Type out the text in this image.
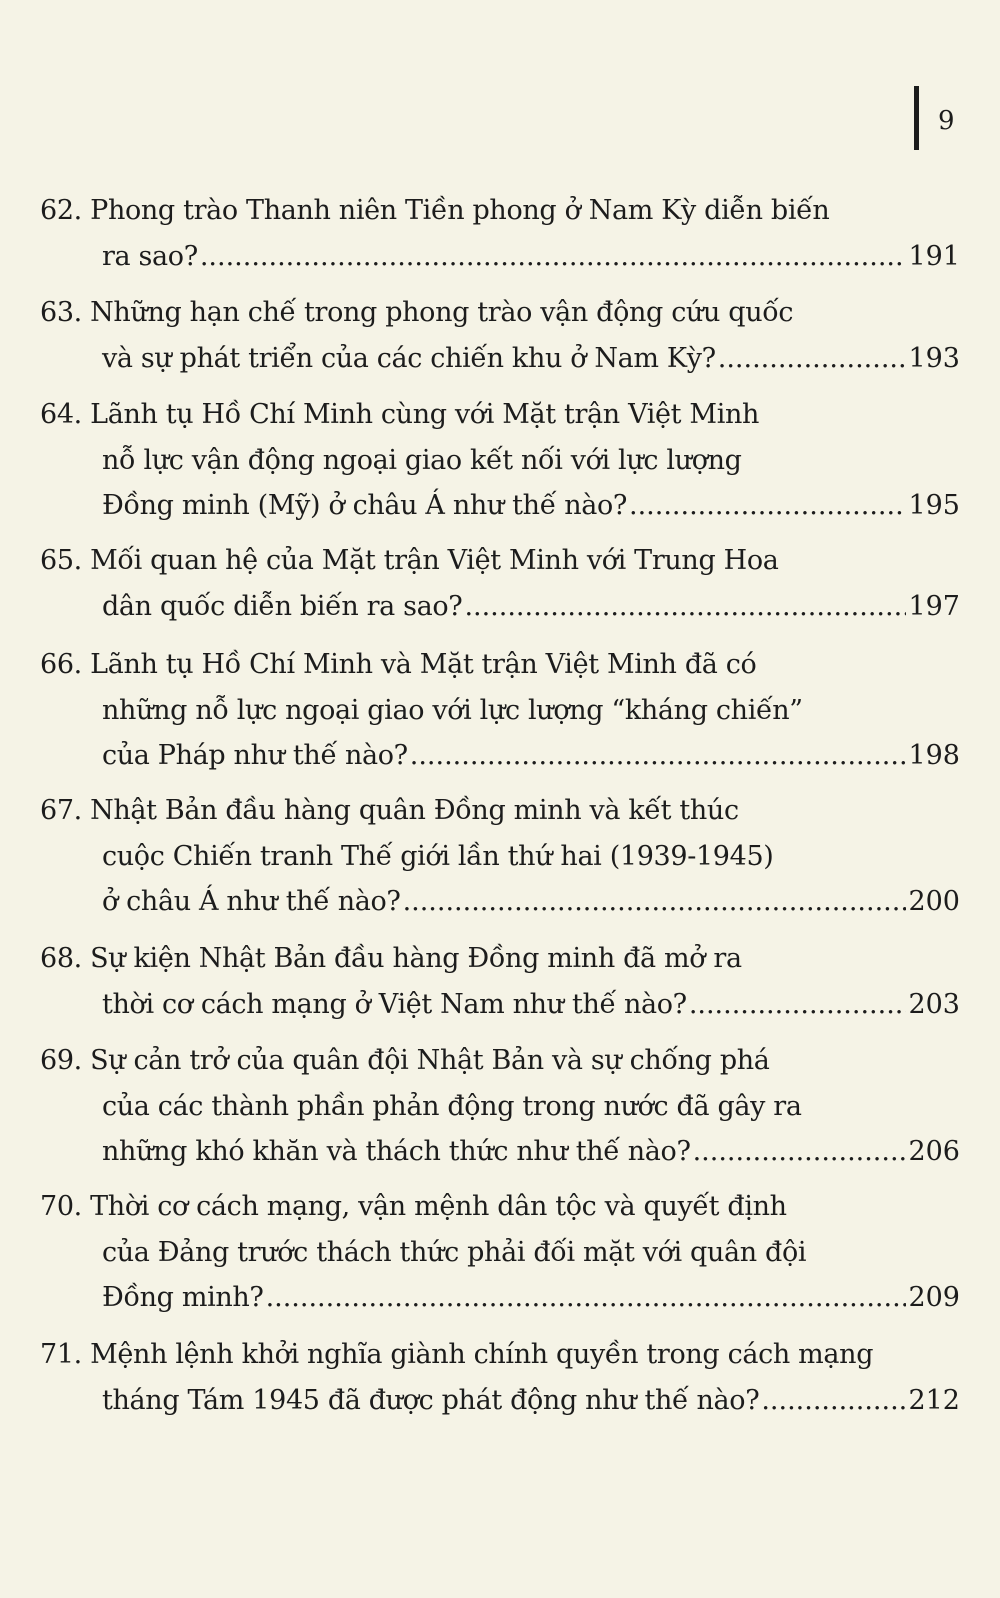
9
62. Phong trào Thanh niên Tiền phong ở Nam Kỳ diễn biến
ra sao? .....	191
63. Những hạn chế trong phong trào vận động cứu quốc
và sự phát triển của các chiến khu ở Nam Kỳ? .....	193
64. Lãnh tụ Hồ Chí Minh cùng với Mặt trận Việt Minh
nỗ lực vận động ngoại giao kết nối với lực lượng
Đồng minh (Mỹ) ở châu Á như thế nào? .....	195
65. Mối quan hệ của Mặt trận Việt Minh với Trung Hoa
dân quốc diễn biến ra sao? .....	197
66. Lãnh tụ Hồ Chí Minh và Mặt trận Việt Minh đã có
những nỗ lực ngoại giao với lực lượng “kháng chiến”
của Pháp như thế nào? .....	198
67. Nhật Bản đầu hàng quân Đồng minh và kết thúc
cuộc Chiến tranh Thế giới lần thứ hai (1939-1945)
ở châu Á như thế nào? .....	200
68. Sự kiện Nhật Bản đầu hàng Đồng minh đã mở ra
thời cơ cách mạng ở Việt Nam như thế nào? .....	203
69. Sự cản trở của quân đội Nhật Bản và sự chống phá
của các thành phần phản động trong nước đã gây ra
những khó khăn và thách thức như thế nào? .....	206
70. Thời cơ cách mạng, vận mệnh dân tộc và quyết định
của Đảng trước thách thức phải đối mặt với quân đội
Đồng minh? .....	209
71. Mệnh lệnh khởi nghĩa giành chính quyền trong cách mạng
tháng Tám 1945 đã được phát động như thế nào? .....	212
